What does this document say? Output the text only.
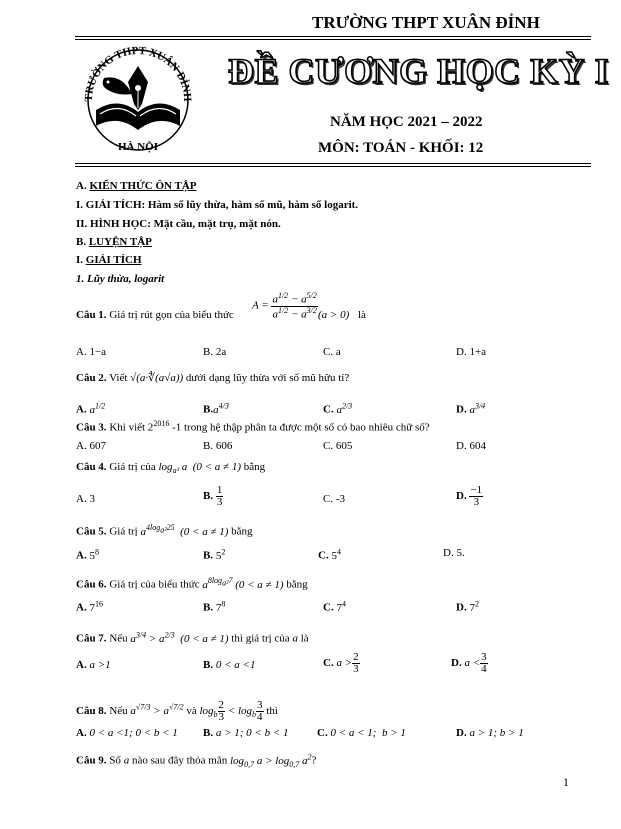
TRƯỜNG THPT XUÂN ĐỈNH
TRƯỜNG THPT XUÂN ĐỈNH
HÀ NỘI
ĐỀ CƯƠNG HỌC KỲ I
NĂM HỌC 2021 – 2022
MÔN: TOÁN - KHỐI: 12
A. KIẾN THỨC ÔN TẬP
I. GIẢI TÍCH: Hàm số lũy thừa, hàm số mũ, hàm số logarit.
II. HÌNH HỌC: Mặt cầu, mặt trụ, mặt nón.
B. LUYỆN TẬP
I. GIẢI TÍCH
1. Lũy thừa, logarit
Câu 1. Giá trị rút gọn của biểu thức
$A = \frac{a^{1/2} - a^{5/2}}{a^{1/2} - a^{3/2}} (a > 0)$ là
A. 1−a	B. 2a	C. a	D. 1+a
Câu 2. Viết √(a·∜(a√a)) dưới dạng lũy thừa với số mũ hữu tỉ?
A. $a^{1/2}$	$B.a^{4/3}$	C. $a^{2/3}$	D. $a^{3/4}$
Câu 3. Khi viết $2^{2016}$ -1 trong hệ thập phân ta được một số có bao nhiêu chữ số?
A. 607	B. 606	C. 605	D. 604
Câu 4. Giá trị của $\log_{a^3} a$  (0 < a ≠ 1) bằng
A. 3	B. $\frac{1}{3}$	C. -3	D. $\frac{-1}{3}$
Câu 5. Giá trị $a^{4log_{a^2}25}$  (0 < a ≠ 1) bằng
A. $5^8$	B. $5^2$	C. $5^4$	D. 5.
Câu 6. Giá trị của biểu thức $a^{8log_{a^2}7}$ (0 < a ≠ 1) bằng
A. $7^{16}$	B. $7^8$	C. $7^4$	D. $7^2$
Câu 7. Nếu $a^{3/4} > a^{2/3}$  (0 < a ≠ 1) thì giá trị của a là
A. a >1	B. 0 < a <1	C. $a > \frac{2}{3}$	D. $a < \frac{3}{4}$
Câu 8. Nếu $a^{√7/3} > a^{√7/2}$ và $\log_b \frac{2}{3} < \log_b \frac{3}{4}$ thì
A. 0 < a <1; 0 < b < 1 B. a > 1; 0 < b < 1	C. 0 < a < 1;  b > 1	D. a > 1; b > 1
Câu 9. Số a nào sau đây thỏa mãn $\log_{0,7} a > \log_{0,7} a^2$?
1
